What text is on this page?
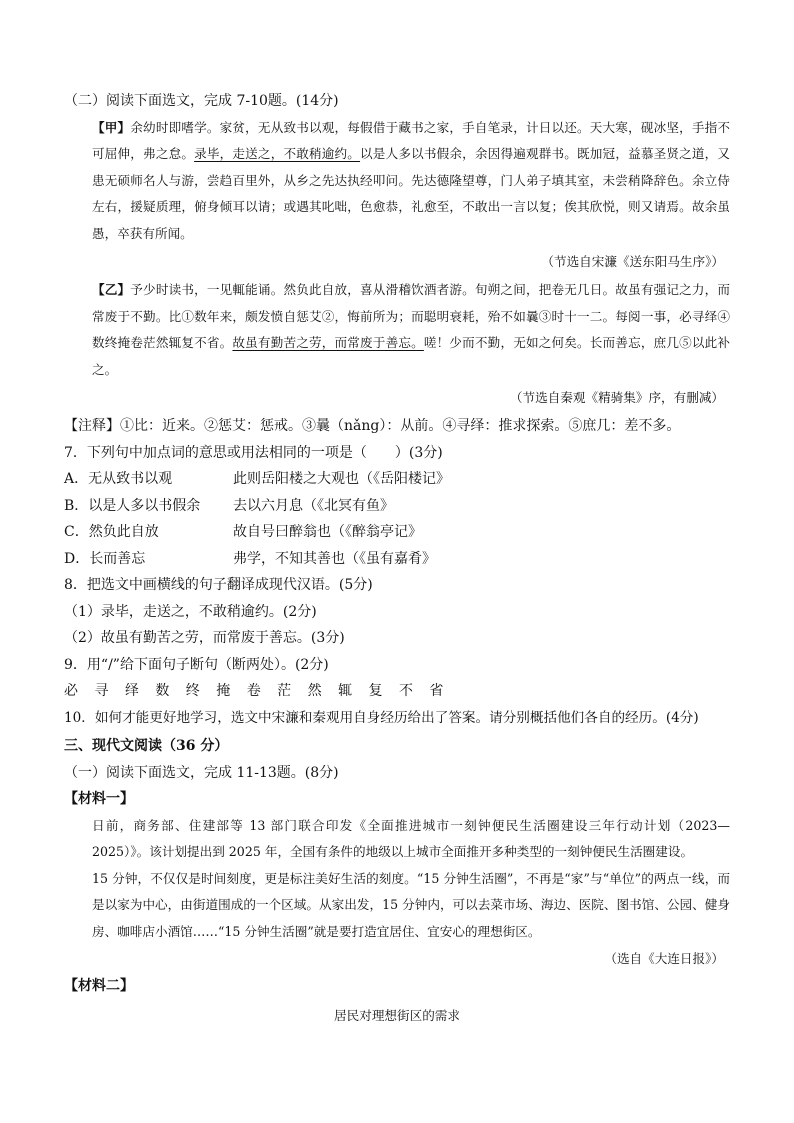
（二）阅读下面选文，完成 7-10题。(14分)
【甲】余幼时即嗜学。家贫，无从致书以观，每假借于藏书之家，手自笔录，计日以还。天大寒，砚冰坚，手指不可屈伸，弗之怠。录毕，走送之，不敢稍逾约。以是人多以书假余，余因得遍观群书。既加冠，益慕圣贤之道，又患无硕师名人与游，尝趋百里外，从乡之先达执经叩问。先达德隆望尊，门人弟子填其室，未尝稍降辞色。余立侍左右，援疑质理，俯身倾耳以请；或遇其叱咄，色愈恭，礼愈至，不敢出一言以复；俟其欣悦，则又请焉。故余虽愚，卒获有所闻。
（节选自宋濂《送东阳马生序》）
【乙】予少时读书，一见輒能诵。然负此自放，喜从滑稽饮酒者游。旬朔之间，把卷无几日。故虽有强记之力，而常废于不勤。比①数年来，颇发愤自惩艾②，悔前所为；而聪明衰耗，殆不如曩③时十一二。每阅一事，必寻绎④数终掩卷茫然辄复不省。故虽有勤苦之劳，而常废于善忘。嗟！少而不勤，无如之何矣。长而善忘，庶几⑤以此补之。
（节选自秦观《精骑集》序，有删减）
【注释】①比：近来。②惩艾：惩戒。③曩（nǎng）：从前。④寻绎：推求探索。⑤庶几：差不多。
7．下列句中加点词的意思或用法相同的一项是（　　）(3分)
A．无从致书以观	此则岳阳楼之大观也（《岳阳楼记》
B．以是人多以书假余	去以六月息（《北冥有鱼》
C．然负此自放	故自号曰醉翁也（《醉翁亭记》
D．长而善忘	弗学，不知其善也（《虽有嘉肴》
8．把选文中画横线的句子翻译成现代汉语。(5分)
（1）录毕，走送之，不敢稍逾约。(2分)
（2）故虽有勤苦之劳，而常废于善忘。(3分)
9．用“/”给下面句子断句（断两处）。(2分)
必 寻 绎 数 终 掩 卷 茫 然 辄 复 不 省
10．如何才能更好地学习，选文中宋濂和秦观用自身经历给出了答案。请分别概括他们各自的经历。(4分)
三、现代文阅读（36 分）
（一）阅读下面选文，完成 11-13题。(8分)
【材料一】
日前，商务部、住建部等 13 部门联合印发《全面推进城市一刻钟便民生活圈建设三年行动计划（2023—2025）》。该计划提出到 2025 年，全国有条件的地级以上城市全面推开多种类型的一刻钟便民生活圈建设。
15 分钟，不仅仅是时间刻度，更是标注美好生活的刻度。“15 分钟生活圈”，不再是“家”与“单位”的两点一线，而是以家为中心，由街道围成的一个区域。从家出发，15 分钟内，可以去菜市场、海边、医院、图书馆、公园、健身房、咖啡店小酒馆……“15 分钟生活圈”就是要打造宜居住、宜安心的理想街区。
（选自《大连日报》）
【材料二】
居民对理想街区的需求
